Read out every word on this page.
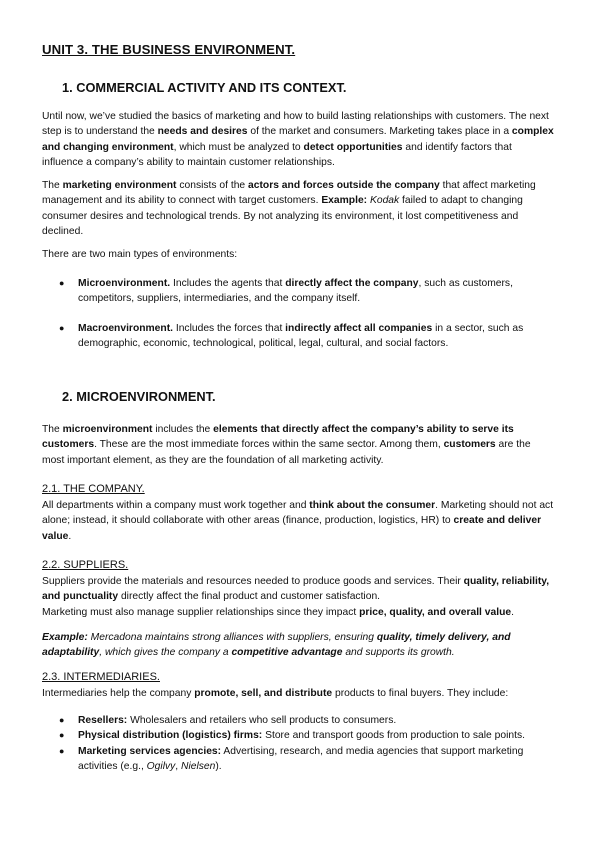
UNIT 3. THE BUSINESS ENVIRONMENT.
1. COMMERCIAL ACTIVITY AND ITS CONTEXT.
Until now, we’ve studied the basics of marketing and how to build lasting relationships with customers. The next step is to understand the needs and desires of the market and consumers. Marketing takes place in a complex and changing environment, which must be analyzed to detect opportunities and identify factors that influence a company’s ability to maintain customer relationships.
The marketing environment consists of the actors and forces outside the company that affect marketing management and its ability to connect with target customers. Example: Kodak failed to adapt to changing consumer desires and technological trends. By not analyzing its environment, it lost competitiveness and declined.
There are two main types of environments:
● Microenvironment. Includes the agents that directly affect the company, such as customers, competitors, suppliers, intermediaries, and the company itself.
● Macroenvironment. Includes the forces that indirectly affect all companies in a sector, such as demographic, economic, technological, political, legal, cultural, and social factors.
2. MICROENVIRONMENT.
The microenvironment includes the elements that directly affect the company’s ability to serve its customers. These are the most immediate forces within the same sector. Among them, customers are the most important element, as they are the foundation of all marketing activity.
2.1. THE COMPANY.
All departments within a company must work together and think about the consumer. Marketing should not act alone; instead, it should collaborate with other areas (finance, production, logistics, HR) to create and deliver value.
2.2. SUPPLIERS.
Suppliers provide the materials and resources needed to produce goods and services. Their quality, reliability, and punctuality directly affect the final product and customer satisfaction.
Marketing must also manage supplier relationships since they impact price, quality, and overall value.
Example: Mercadona maintains strong alliances with suppliers, ensuring quality, timely delivery, and adaptability, which gives the company a competitive advantage and supports its growth.
2.3. INTERMEDIARIES.
Intermediaries help the company promote, sell, and distribute products to final buyers. They include:
● Resellers: Wholesalers and retailers who sell products to consumers.
● Physical distribution (logistics) firms: Store and transport goods from production to sale points.
● Marketing services agencies: Advertising, research, and media agencies that support marketing activities (e.g., Ogilvy, Nielsen).
